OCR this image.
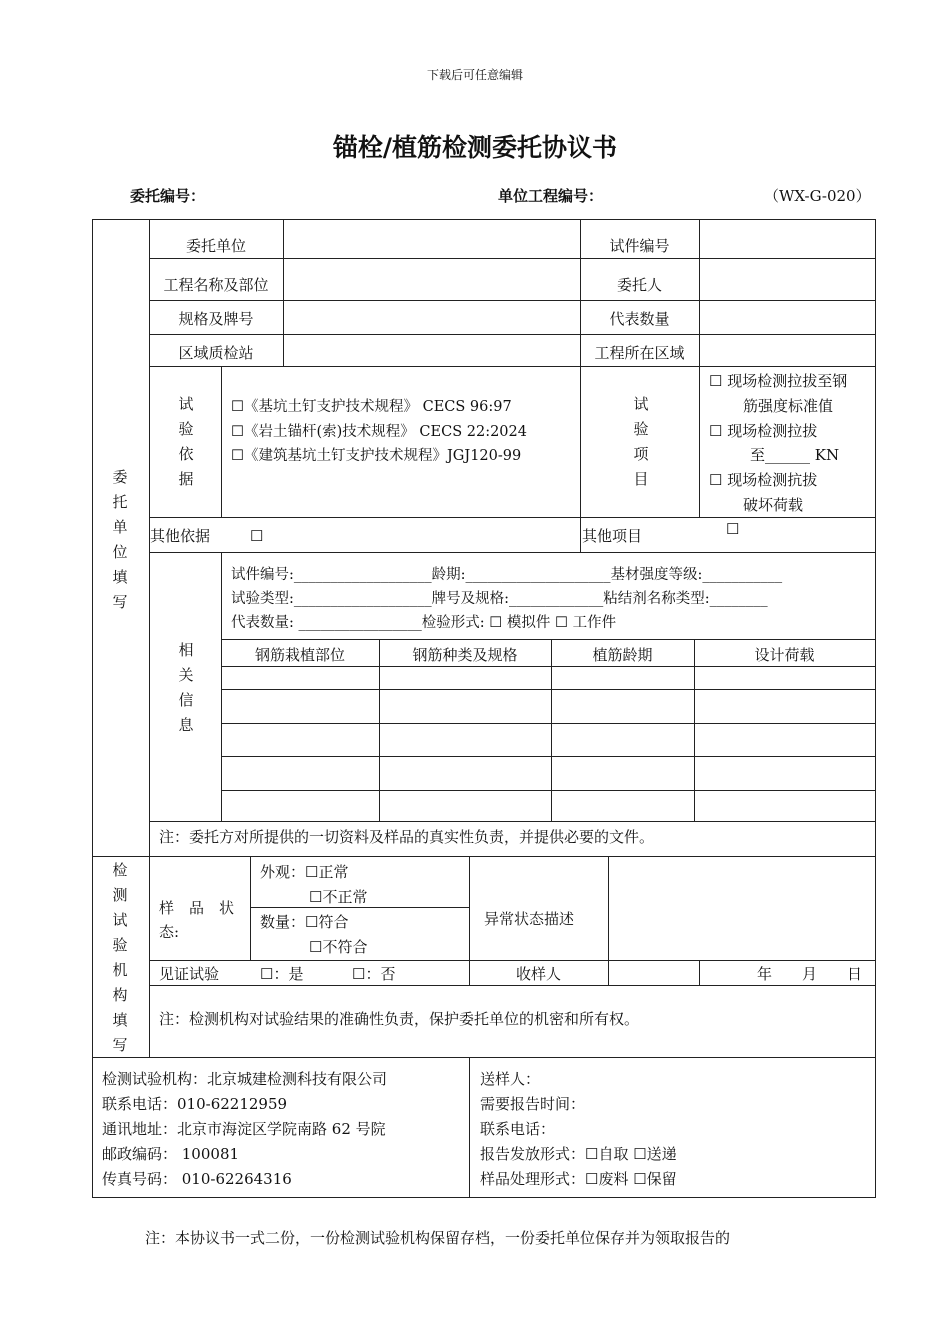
下载后可任意编辑
锚栓/植筋检测委托协议书
委托编号：	单位工程编号：	（WX-G-020）
委托单位填写
委托单位	试件编号
工程名称及部位	委托人
规格及牌号	代表数量
区域质检站	工程所在区域
试验依据
☐《基坑土钉支护技术规程》 CECS 96:97
☐《岩土锚杆(索)技术规程》 CECS 22:2024
☐《建筑基坑土钉支护技术规程》JGJ120-99
试验项目
☐ 现场检测拉拔至钢
筋强度标准值
☐ 现场检测拉拔
至______ KN
☐ 现场检测抗拔
破坏荷载
其他依据	☐	其他项目	☐
相关信息
试件编号:___________________龄期:____________________基材强度等级:___________
试验类型:___________________牌号及规格:_____________粘结剂名称类型:________
代表数量: _________________检验形式: ☐ 模拟件 ☐ 工作件
钢筋栽植部位	钢筋种类及规格	植筋龄期	设计荷载
注：委托方对所提供的一切资料及样品的真实性负责，并提供必要的文件。
检测试验机构填写
样　品　状态:
外观：☐正常
☐不正常
数量：☐符合
☐不符合
异常状态描述
见证试验	☐：是	☐：否	收样人	年　　月　　日
注：检测机构对试验结果的准确性负责，保护委托单位的机密和所有权。
检测试验机构：北京城建检测科技有限公司
联系电话：010-62212959
通讯地址：北京市海淀区学院南路 62 号院
邮政编码： 100081
传真号码： 010-62264316
送样人：
需要报告时间：
联系电话：
报告发放形式：☐自取 ☐送递
样品处理形式：☐废料 ☐保留
注：本协议书一式二份，一份检测试验机构保留存档，一份委托单位保存并为领取报告的
